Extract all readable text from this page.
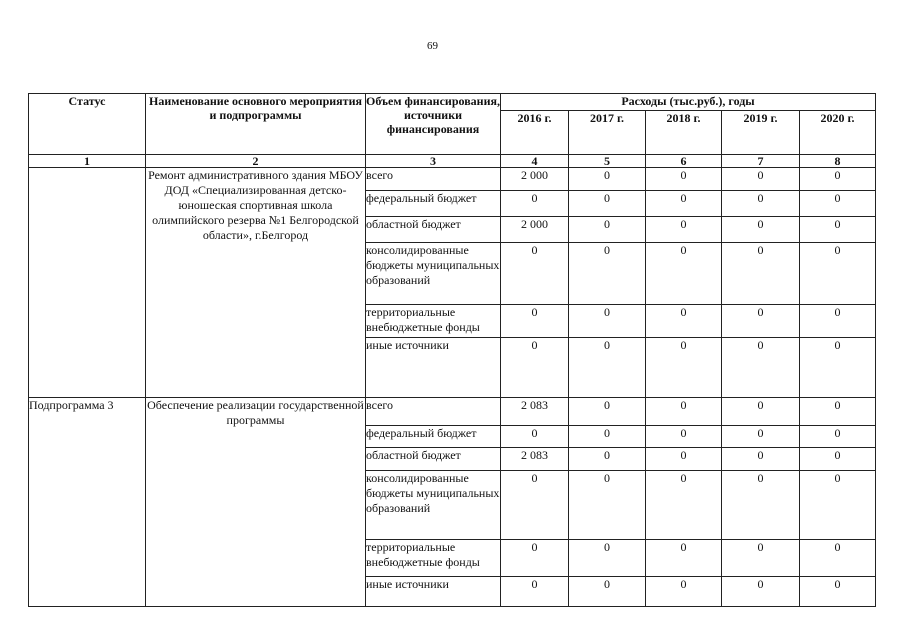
69
Статус	Наименование основного мероприятия и подпрограммы	Объем финансирования, источники финансирования	Расходы (тыс.руб.), годы				
			2016 г.	2017 г.	2018 г.	2019 г.	2020 г.
1	2	3	4	5	6	7	8
	Ремонт административного здания МБОУ ДОД «Специализированная детско-юношеская спортивная школа олимпийского резерва №1 Белгородской области», г.Белгород	всего	2 000	0	0	0	0
		федеральный бюджет	0	0	0	0	0
		областной бюджет	2 000	0	0	0	0
		консолидированные бюджеты муниципальных образований	0	0	0	0	0
		территориальные внебюджетные фонды	0	0	0	0	0
		иные источники	0	0	0	0	0
Подпрограмма 3	Обеспечение реализации государственной программы	всего	2 083	0	0	0	0
		федеральный бюджет	0	0	0	0	0
		областной бюджет	2 083	0	0	0	0
		консолидированные бюджеты муниципальных образований	0	0	0	0	0
		территориальные внебюджетные фонды	0	0	0	0	0
		иные источники	0	0	0	0	0
